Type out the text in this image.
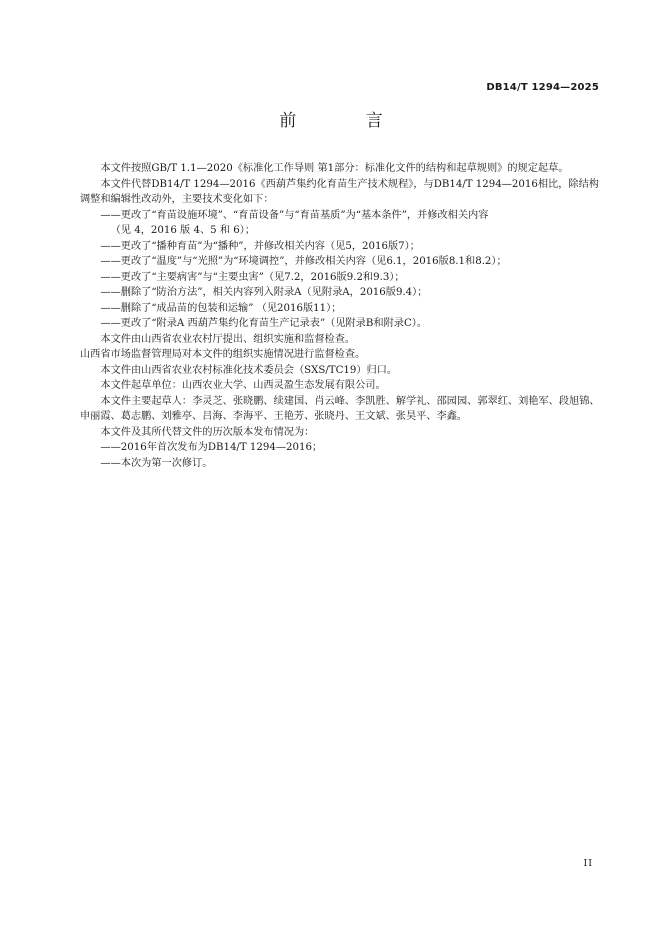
DB14/T 1294—2025
前 言

本文件按照GB/T 1.1—2020《标准化工作导则 第1部分：标准化文件的结构和起草规则》的规定起草。

本文件代替DB14/T 1294—2016《西葫芦集约化育苗生产技术规程》，与DB14/T 1294—2016相比，除结构调整和编辑性改动外，主要技术变化如下：

——更改了“育苗设施环境”、“育苗设备”与“育苗基质”为“基本条件”，并修改相关内容

（见 4，2016 版 4、5 和 6）；

——更改了“播种育苗”为“播种”，并修改相关内容（见5，2016版7）；

——更改了“温度”与“光照”为“环境调控”，并修改相关内容（见6.1，2016版8.1和8.2）；

——更改了“主要病害”与“主要虫害”（见7.2，2016版9.2和9.3）；

——删除了“防治方法”，相关内容列入附录A（见附录A，2016版9.4）；

——删除了“成品苗的包装和运输” （见2016版11）；

——更改了“附录A 西葫芦集约化育苗生产记录表”（见附录B和附录C）。

本文件由山西省农业农村厅提出、组织实施和监督检查。

山西省市场监督管理局对本文件的组织实施情况进行监督检查。

本文件由山西省农业农村标准化技术委员会（SXS/TC19）归口。

本文件起草单位：山西农业大学、山西灵盈生态发展有限公司。

本文件主要起草人：李灵芝、张晓鹏、续建国、肖云峰、李凯胜、解学礼、邵园园、郭翠红、刘艳军、段旭锦、申丽霞、葛志鹏、刘雅亭、吕海、李海平、王艳芳、张晓丹、王文斌、张昊平、李鑫。

本文件及其所代替文件的历次版本发布情况为：

——2016年首次发布为DB14/T 1294—2016；

——本次为第一次修订。

II
